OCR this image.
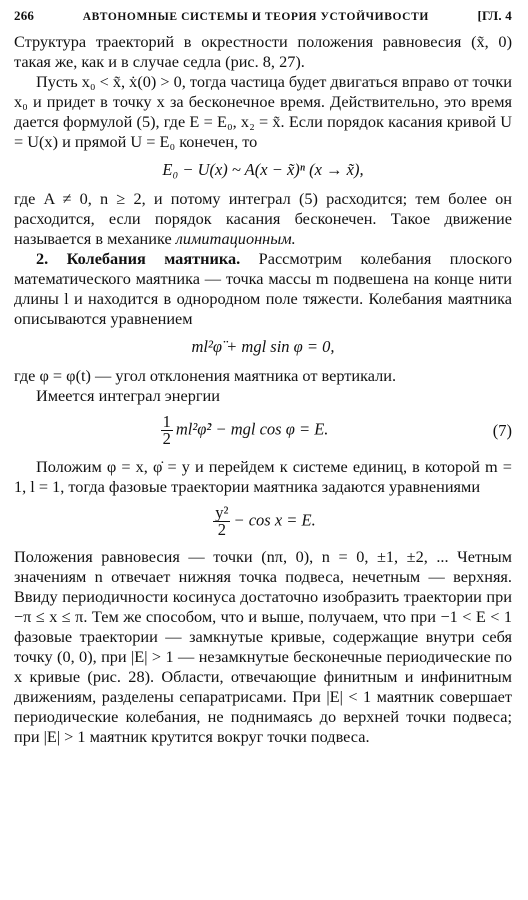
266	АВТОНОМНЫЕ СИСТЕМЫ И ТЕОРИЯ УСТОЙЧИВОСТИ	[ГЛ. 4

Структура траекторий в окрестности положения равновесия (x̃, 0) такая же, как и в случае седла (рис. 8, 27).

Пусть x₀ < x̃, ẋ(0) > 0, тогда частица будет двигаться вправо от точки x₀ и придет в точку x за бесконечное время. Действительно, это время дается формулой (5), где E = E₀, x₂ = x̃. Если порядок касания кривой U = U(x) и прямой U = E₀ конечен, то

E₀ − U(x) ~ A(x − x̃)ⁿ (x → x̃),

где A ≠ 0, n ≥ 2, и потому интеграл (5) расходится; тем более он расходится, если порядок касания бесконечен. Такое движение называется в механике лимитационным.

2. Колебания маятника. Рассмотрим колебания плоского математического маятника — точка массы m подвешена на конце нити длины l и находится в однородном поле тяжести. Колебания маятника описываются уравнением

ml²φ̈ + mgl sin φ = 0,

где φ = φ(t) — угол отклонения маятника от вертикали.

Имеется интеграл энергии

$\frac{1}{2}$ ml²φ̇² − mgl cos φ = E.	(7)

Положим φ = x, φ̇ = y и перейдем к системе единиц, в которой m = 1, l = 1, тогда фазовые траектории маятника задаются уравнениями

$\frac{\text{y²}}{2} - \cos x = E$.

Положения равновесия — точки (nπ, 0), n = 0, ±1, ±2, ... Четным значениям n отвечает нижняя точка подвеса, нечетным — верхняя. Ввиду периодичности косинуса достаточно изобразить траектории при −π ≤ x ≤ π. Тем же способом, что и выше, получаем, что при −1 < E < 1 фазовые траектории — замкнутые кривые, содержащие внутри себя точку (0, 0), при |E| > 1 — незамкнутые бесконечные периодические по x кривые (рис. 28). Области, отвечающие финитным и инфинитным движениям, разделены сепаратрисами. При |E| < 1 маятник совершает периодические колебания, не поднимаясь до верхней точки подвеса; при |E| > 1 маятник крутится вокруг точки подвеса.
